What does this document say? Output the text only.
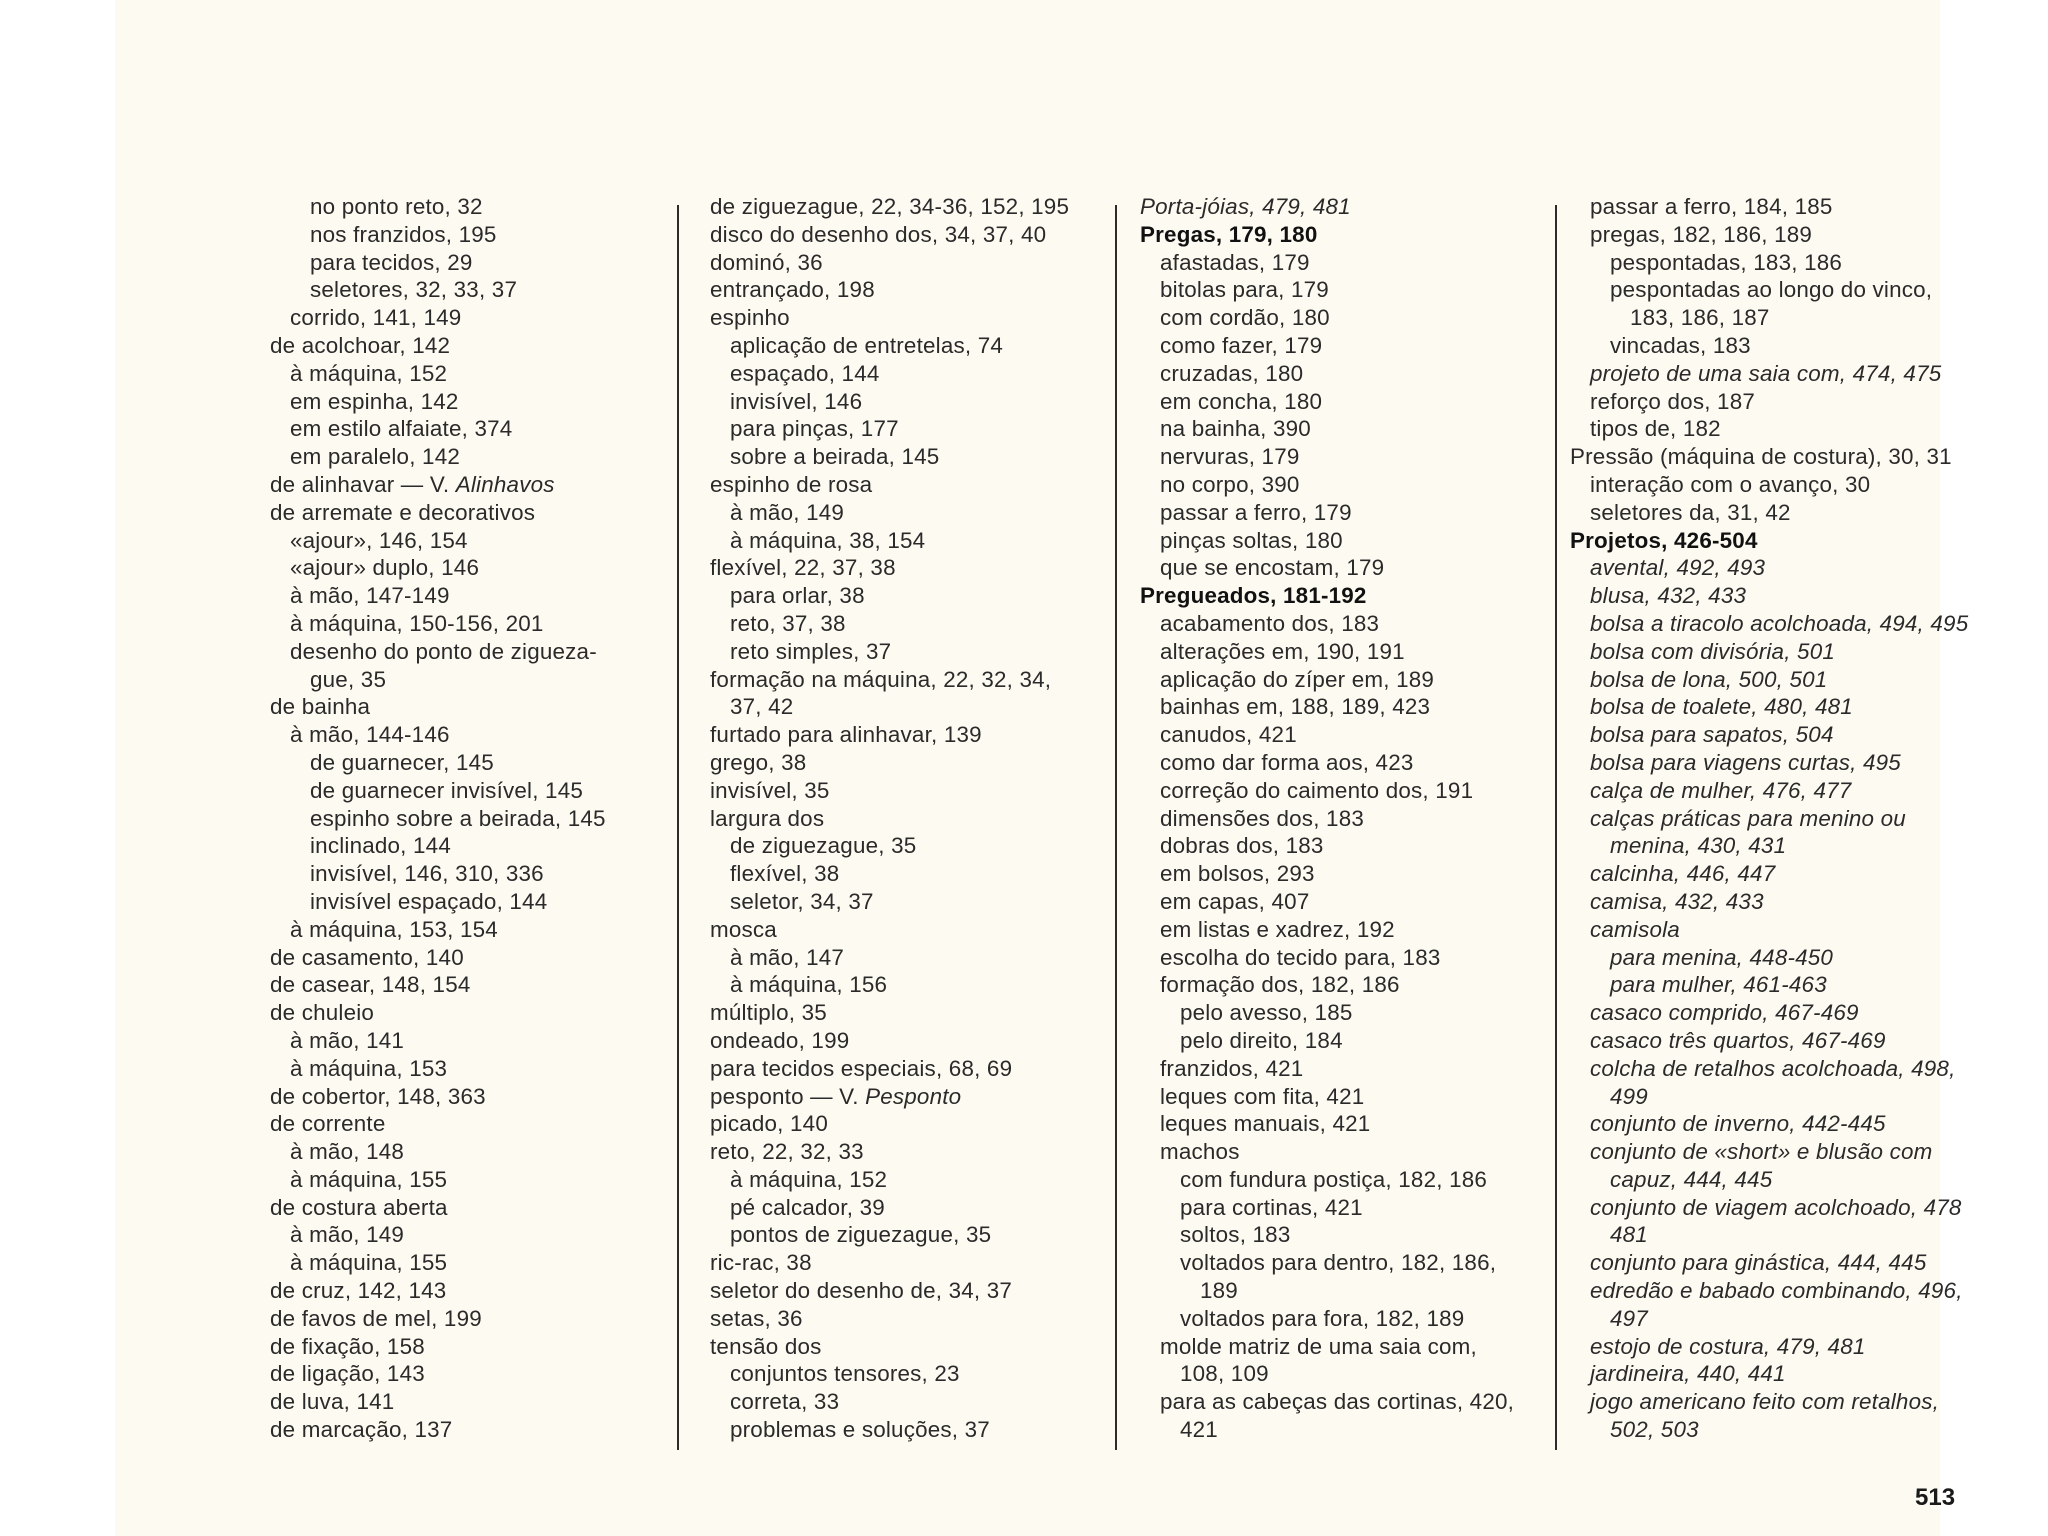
no ponto reto, 32
nos franzidos, 195
para tecidos, 29
seletores, 32, 33, 37
corrido, 141, 149
de acolchoar, 142
à máquina, 152
em espinha, 142
em estilo alfaiate, 374
em paralelo, 142
de alinhavar — V. Alinhavos
de arremate e decorativos
«ajour», 146, 154
«ajour» duplo, 146
à mão, 147-149
à máquina, 150-156, 201
desenho do ponto de zigueza-
gue, 35
de bainha
à mão, 144-146
de guarnecer, 145
de guarnecer invisível, 145
espinho sobre a beirada, 145
inclinado, 144
invisível, 146, 310, 336
invisível espaçado, 144
à máquina, 153, 154
de casamento, 140
de casear, 148, 154
de chuleio
à mão, 141
à máquina, 153
de cobertor, 148, 363
de corrente
à mão, 148
à máquina, 155
de costura aberta
à mão, 149
à máquina, 155
de cruz, 142, 143
de favos de mel, 199
de fixação, 158
de ligação, 143
de luva, 141
de marcação, 137
de ziguezague, 22, 34-36, 152, 195
disco do desenho dos, 34, 37, 40
dominó, 36
entrançado, 198
espinho
aplicação de entretelas, 74
espaçado, 144
invisível, 146
para pinças, 177
sobre a beirada, 145
espinho de rosa
à mão, 149
à máquina, 38, 154
flexível, 22, 37, 38
para orlar, 38
reto, 37, 38
reto simples, 37
formação na máquina, 22, 32, 34,
37, 42
furtado para alinhavar, 139
grego, 38
invisível, 35
largura dos
de ziguezague, 35
flexível, 38
seletor, 34, 37
mosca
à mão, 147
à máquina, 156
múltiplo, 35
ondeado, 199
para tecidos especiais, 68, 69
pesponto — V. Pesponto
picado, 140
reto, 22, 32, 33
à máquina, 152
pé calcador, 39
pontos de ziguezague, 35
ric-rac, 38
seletor do desenho de, 34, 37
setas, 36
tensão dos
conjuntos tensores, 23
correta, 33
problemas e soluções, 37
Porta-jóias, 479, 481
Pregas, 179, 180
afastadas, 179
bitolas para, 179
com cordão, 180
como fazer, 179
cruzadas, 180
em concha, 180
na bainha, 390
nervuras, 179
no corpo, 390
passar a ferro, 179
pinças soltas, 180
que se encostam, 179
Pregueados, 181-192
acabamento dos, 183
alterações em, 190, 191
aplicação do zíper em, 189
bainhas em, 188, 189, 423
canudos, 421
como dar forma aos, 423
correção do caimento dos, 191
dimensões dos, 183
dobras dos, 183
em bolsos, 293
em capas, 407
em listas e xadrez, 192
escolha do tecido para, 183
formação dos, 182, 186
pelo avesso, 185
pelo direito, 184
franzidos, 421
leques com fita, 421
leques manuais, 421
machos
com fundura postiça, 182, 186
para cortinas, 421
soltos, 183
voltados para dentro, 182, 186,
189
voltados para fora, 182, 189
molde matriz de uma saia com,
108, 109
para as cabeças das cortinas, 420,
421
passar a ferro, 184, 185
pregas, 182, 186, 189
pespontadas, 183, 186
pespontadas ao longo do vinco,
183, 186, 187
vincadas, 183
projeto de uma saia com, 474, 475
reforço dos, 187
tipos de, 182
Pressão (máquina de costura), 30, 31
interação com o avanço, 30
seletores da, 31, 42
Projetos, 426-504
avental, 492, 493
blusa, 432, 433
bolsa a tiracolo acolchoada, 494, 495
bolsa com divisória, 501
bolsa de lona, 500, 501
bolsa de toalete, 480, 481
bolsa para sapatos, 504
bolsa para viagens curtas, 495
calça de mulher, 476, 477
calças práticas para menino ou
menina, 430, 431
calcinha, 446, 447
camisa, 432, 433
camisola
para menina, 448-450
para mulher, 461-463
casaco comprido, 467-469
casaco três quartos, 467-469
colcha de retalhos acolchoada, 498,
499
conjunto de inverno, 442-445
conjunto de «short» e blusão com
capuz, 444, 445
conjunto de viagem acolchoado, 478
481
conjunto para ginástica, 444, 445
edredão e babado combinando, 496,
497
estojo de costura, 479, 481
jardineira, 440, 441
jogo americano feito com retalhos,
502, 503
513
